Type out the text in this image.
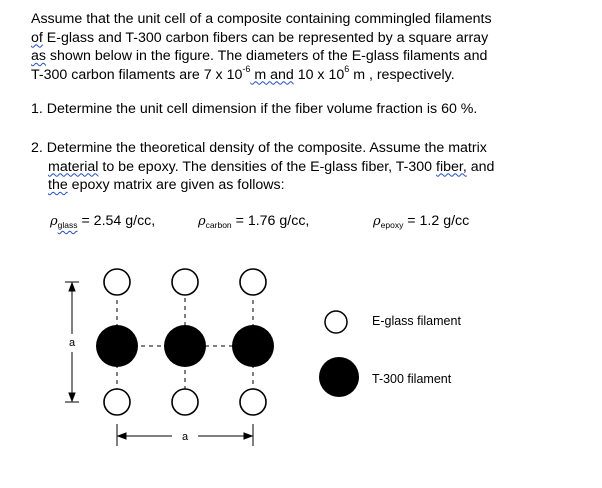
Assume that the unit cell of a composite containing commingled filaments
of E-glass and T-300 carbon fibers can be represented by a square array
as shown below in the figure. The diameters of the E-glass filaments and
T-300 carbon filaments are 7 x $10^{-6}$ m and 10 x $10^6$ m , respectively.

1. Determine the unit cell dimension if the fiber volume fraction is 60 %.

2. Determine the theoretical density of the composite. Assume the matrix

material to be epoxy. The densities of the E-glass fiber, T-300 fiber, and
the epoxy matrix are given as follows:

$\rho_{glass} = 2.54$ g/cc,	$\rho_{carbon} = 1.76$ g/cc,	$\rho_{epoxy} = 1.2$ g/cc
a
a
E-glass filament
T-300 filament
